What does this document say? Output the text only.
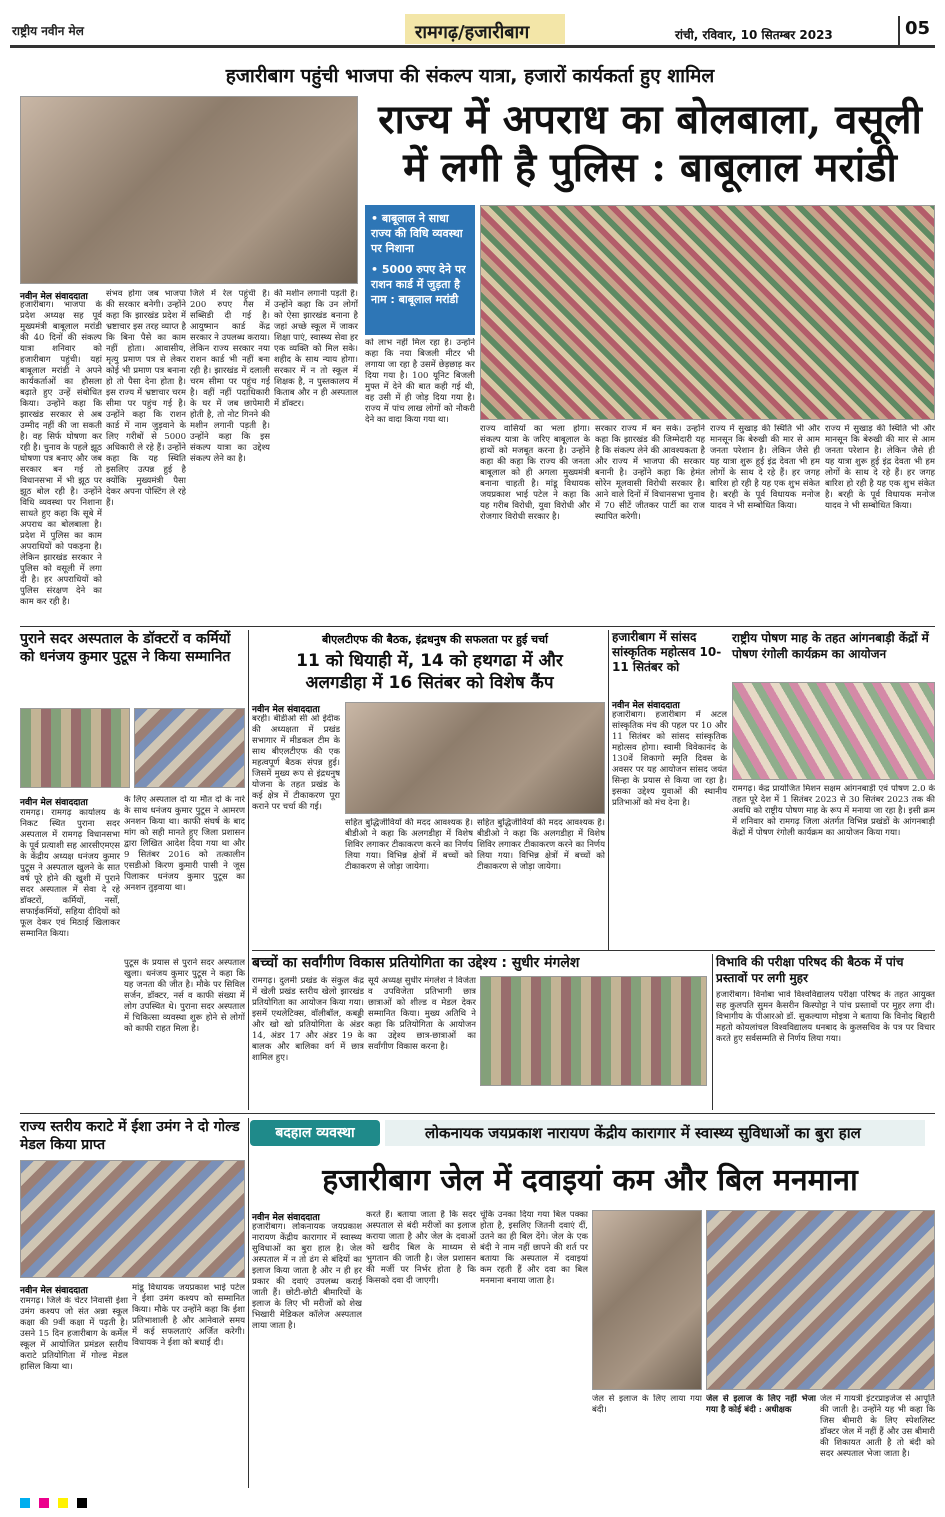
राष्ट्रीय नवीन मेल	रामगढ़/हजारीबाग	रांची, रविवार, 10 सितम्बर 2023	05
हजारीबाग पहुंची भाजपा की संकल्प यात्रा, हजारों कार्यकर्ता हुए शामिल
राज्य में अपराध का बोलबाला, वसूली
में लगी है पुलिस : बाबूलाल मरांडी
• बाबूलाल ने साधा राज्य की विधि व्यवस्था पर निशाना
• 5000 रुपए देने पर राशन कार्ड में जुड़ता है नाम : बाबूलाल मरांडी
नवीन मेल संवाददाता
हजारीबाग। भाजपा के प्रदेश अध्यक्ष सह पूर्व मुख्यमंत्री बाबूलाल मरांडी की 40 दिनों की संकल्प यात्रा शनिवार को हजारीबाग पहुंची। यहां बाबूलाल मरांडी ने अपने कार्यकर्ताओं का हौसला बढ़ाते हुए उन्हें संबोधित किया। उन्होंने कहा कि झारखंड सरकार से अब उम्मीद नहीं की जा सकती है। वह सिर्फ घोषणा कर रही है। चुनाव के पहले झूठ घोषणा पत्र बनाए और जब सरकार बन गई तो विधानसभा में भी झूठ पर झूठ बोल रही है। उन्होंने विधि व्यवस्था पर निशाना साधते हुए कहा कि सूबे में अपराध का बोलबाला है। प्रदेश में पुलिस का काम अपराधियों को पकड़ना है। लेकिन झारखंड सरकार ने पुलिस को वसूली में लगा दी है। हर अपराधियों को पुलिस संरक्षण देने का काम कर रही है।
संभव होगा जब भाजपा की सरकार बनेगी। उन्होंने कहा कि झारखंड प्रदेश में भ्रष्टाचार इस तरह व्याप्त है कि बिना पैसे का काम नहीं होता। आवासीय, मृत्यु प्रमाण पत्र से लेकर कोई भी प्रमाण पत्र बनाना हो तो पैसा देना होता है। इस राज्य में भ्रष्टाचार चरम सीमा पर पहुंच गई है। उन्होंने कहा कि राशन कार्ड में नाम जुड़वाने के लिए गरीबों से 5000 अधिकारी ले रहे हैं। उन्होंने कहा कि यह स्थिति इसलिए उत्पन्न हुई है क्योंकि मुख्यमंत्री पैसा देकर अपना पोस्टिंग ले रहे हैं।
जिले में रेल पहुंची है। 200 रुपए गैस में सब्सिडी दी गई है। आयुष्मान कार्ड केंद्र सरकार ने उपलब्ध कराया। लेकिन राज्य सरकार नया राशन कार्ड भी नहीं बना रही है। झारखंड में दलाली चरम सीमा पर पहुंच गई है। वहीं नहीं पदाधिकारी के घर में जब छापेमारी होती है, तो नोट गिनने की मशीन लगानी पड़ती है। उन्होंने कहा कि इस संकल्प यात्रा का उद्देश्य संकल्प लेने का है।
की मशीन लगानी पड़ती है। उन्होंने कहा कि उन लोगों को ऐसा झारखंड बनाना है जहां अच्छे स्कूल में जाकर शिक्षा पाएं, स्वास्थ्य सेवा हर एक व्यक्ति को मिल सके। शहीद के साथ न्याय होगा। सरकार में न तो स्कूल में शिक्षक है, न पुस्तकालय में किताब और न ही अस्पताल में डॉक्टर।
को लाभ नहीं मिल रहा है। उन्होंने कहा कि नया बिजली मीटर भी लगाया जा रहा है उसमें छेड़छाड़ कर दिया गया है। 100 यूनिट बिजली मुफ्त में देने की बात कही गई थी, वह उसी में ही जोड़ दिया गया है। राज्य में पांच लाख लोगों को नौकरी देने का वादा किया गया था।
राज्य वासियों का भला होगा। संकल्प यात्रा के जरिए बाबूलाल के हाथों को मजबूत करना है। उन्होंने कहा की कहा कि राज्य की जनता बाबूलाल को ही अगला मुख्यमंत्री बनाना चाहती है। मांडू विधायक जयप्रकाश भाई पटेल ने कहा कि यह गरीब विरोधी, युवा विरोधी और रोजगार विरोधी सरकार है।
सरकार राज्य में बन सके। उन्होंने कहा कि झारखंड की जिम्मेदारी यह है कि संकल्प लेने की आवश्यकता है और राज्य में भाजपा की सरकार बनानी है। उन्होंने कहा कि हेमंत सोरेन मूलवासी विरोधी सरकार है। आने वाले दिनों में विधानसभा चुनाव में 70 सीटें जीतकर पार्टी का राज स्थापित करेगी।
राज्य में सुखाड़ की स्थिति भी और मानसून कि बेरुखी की मार से आम जनता परेशान है। लेकिन जैसे ही यह यात्रा शुरू हुई इंद्र देवता भी हम लोगों के साथ दे रहे हैं। हर जगह बारिश हो रही है यह एक शुभ संकेत है। बरही के पूर्व विधायक मनोज यादव ने भी सम्बोधित किया।
राज्य में सुखाड़ की स्थिति भी और मानसून कि बेरुखी की मार से आम जनता परेशान है। लेकिन जैसे ही यह यात्रा शुरू हुई इंद्र देवता भी हम लोगों के साथ दे रहे हैं। हर जगह बारिश हो रही है यह एक शुभ संकेत है। बरही के पूर्व विधायक मनोज यादव ने भी सम्बोधित किया।
पुराने सदर अस्पताल के डॉक्टरों व कर्मियों को धनंजय कुमार पुटूस ने किया सम्मानित
नवीन मेल संवाददाता
रामगढ़। रामगढ़ कार्यालय के निकट स्थित पुराना सदर अस्पताल में रामगढ़ विधानसभा के पूर्व प्रत्याशी सह आरसीएमएस के केंद्रीय अध्यक्ष धनंजय कुमार पुटूस ने अस्पताल खुलने के सात वर्ष पूरे होने की खुशी में पुराने सदर अस्पताल में सेवा दे रहे डॉक्टरों, कर्मियों, नर्सों, सफाईकर्मियों, सहिया दीदियों को फूल देकर एवं मिठाई खिलाकर सम्मानित किया।
के लिए अस्पताल दो या मौत दो के नारे के साथ धनंजय कुमार पुटूस ने आमरण अनशन किया था। काफी संघर्ष के बाद मांग को सही मानते हुए जिला प्रशासन द्वारा लिखित आदेश दिया गया था और 9 सितंबर 2016 को तत्कालीन एसडीओ किरण कुमारी पासी ने जूस पिलाकर धनंजय कुमार पुटूस का अनशन तुड़वाया था।
पुटूस के प्रयास से पुराने सदर अस्पताल खुला। धनंजय कुमार पुटूस ने कहा कि यह जनता की जीत है। मौके पर सिविल सर्जन, डॉक्टर, नर्स व काफी संख्या में लोग उपस्थित थे। पुराना सदर अस्पताल में चिकित्सा व्यवस्था शुरू होने से लोगों को काफी राहत मिला है।
बीएलटीएफ की बैठक, इंद्रधनुष की सफलता पर हुई चर्चा
11 को धियाही में, 14 को हथगढा में और
अलगडीहा में 16 सितंबर को विशेष कैंप
नवीन मेल संवाददाता
बरही। बीडीओ सी ओ ईदीक की अध्यक्षता में प्रखंड सभागार में मीडकल टीम के साथ बीएलटीएफ की एक महत्वपूर्ण बैठक संपन्न हुई। जिसमें मुख्य रूप से इंद्रधनुष योजना के तहत प्रखंड के कई क्षेत्र में टीकाकरण पूरा कराने पर चर्चा की गई।
सहित बुद्धिजीवियों की मदद आवश्यक है। बीडीओ ने कहा कि अलगडीहा में विशेष शिविर लगाकर टीकाकरण करने का निर्णय लिया गया। विभिन्न क्षेत्रों में बच्चों को टीकाकरण से जोड़ा जायेगा।
सहित बुद्धिजीवियों की मदद आवश्यक है। बीडीओ ने कहा कि अलगडीहा में विशेष शिविर लगाकर टीकाकरण करने का निर्णय लिया गया। विभिन्न क्षेत्रों में बच्चों को टीकाकरण से जोड़ा जायेगा।
हजारीबाग में सांसद सांस्कृतिक महोत्सव 10-11 सितंबर को
नवीन मेल संवाददाता
हजारीबाग। हजारीबाग में अटल सांस्कृतिक मंच की पहल पर 10 और 11 सितंबर को सांसद सांस्कृतिक महोत्सव होगा। स्वामी विवेकानंद के 130वें शिकागो स्मृति दिवस के अवसर पर यह आयोजन सांसद जयंत सिन्हा के प्रयास से किया जा रहा है। इसका उद्देश्य युवाओं की स्थानीय प्रतिभाओं को मंच देना है।
राष्ट्रीय पोषण माह के तहत आंगनबाड़ी केंद्रों में पोषण रंगोली कार्यक्रम का आयोजन
रामगढ़। केंद्र प्रायोजित मिशन सक्षम आंगनबाड़ी एवं पोषण 2.0 के तहत पूरे देश में 1 सितंबर 2023 से 30 सितंबर 2023 तक की अवधि को राष्ट्रीय पोषण माह के रूप में मनाया जा रहा है। इसी क्रम में शनिवार को रामगढ़ जिला अंतर्गत विभिन्न प्रखंडों के आंगनबाड़ी केंद्रों में पोषण रंगोली कार्यक्रम का आयोजन किया गया।
बच्चों का सर्वांगीण विकास प्रतियोगिता का उद्देश्य : सुधीर मंगलेश
रामगढ़। दुलमी प्रखंड के संकुल केंद्र में खेली प्रखंड स्तरीय खेलो झारखंड प्रतियोगिता का आयोजन किया गया। इसमें एथलेटिक्स, वॉलीबॉल, कबड्डी और खो खो प्रतियोगिता के अंडर 14, अंडर 17 और अंडर 19 के बालक और बालिका वर्ग में छात्र शामिल हुए।
सूर्य अध्यक्ष सुधीर मंगलेश ने विजेता व उपविजेता प्रतिभागी छात्र छात्राओं को शील्ड व मेडल देकर सम्मानित किया। मुख्य अतिथि ने कहा कि प्रतियोगिता के आयोजन का उद्देश्य छात्र-छात्राओं का सर्वांगीण विकास करना है।
विभावि की परीक्षा परिषद की बैठक में पांच प्रस्तावों पर लगी मुहर
हजारीबाग। विनोबा भावे विश्वविद्यालय परीक्षा परिषद के तहत आयुक्त सह कुलपति सुमन कैसरीन किस्पोट्टा ने पांच प्रस्तावों पर मुहर लगा दी। विभागीय के पीआरओ डॉ. सुकल्याण मोइत्रा ने बताया कि विनोद बिहारी महतो कोयलांचल विश्वविद्यालय धनबाद के कुलसचिव के पत्र पर विचार करते हुए सर्वसम्मति से निर्णय लिया गया।
राज्य स्तरीय कराटे में ईशा उमंग ने दो गोल्ड मेडल किया प्राप्त
नवीन मेल संवाददाता
रामगढ़। जिले के चेटर निवासी ईशा उमंग कश्यप जो संत अन्ना स्कूल कक्षा की 9वीं कक्षा में पढ़ती है। उसने 15 दिन हजारीबाग के कर्मेल स्कूल में आयोजित प्रमंडल स्तरीय कराटे प्रतियोगिता में गोल्ड मेडल हासिल किया था।
मांडू विधायक जयप्रकाश भाई पटेल ने ईशा उमंग कश्यप को सम्मानित किया। मौके पर उन्होंने कहा कि ईशा प्रतिभाशाली है और आनेवाले समय में कई सफलताएं अर्जित करेगी। विधायक ने ईशा को बधाई दी।
बदहाल व्यवस्था	लोकनायक जयप्रकाश नारायण केंद्रीय कारागार में स्वास्थ्य सुविधाओं का बुरा हाल
हजारीबाग जेल में दवाइयां कम और बिल मनमाना
नवीन मेल संवाददाता
हजारीबाग। लोकनायक जयप्रकाश नारायण केंद्रीय कारागार में स्वास्थ्य सुविधाओं का बुरा हाल है। जेल अस्पताल में न तो ढंग से बंदियों का इलाज किया जाता है और न ही हर प्रकार की दवाएं उपलब्ध कराई जाती हैं। छोटी-छोटी बीमारियों के इलाज के लिए भी मरीजों को शेख भिखारी मेडिकल कॉलेज अस्पताल लाया जाता है।
करते हैं। बताया जाता है कि सदर अस्पताल से बंदी मरीजों का इलाज कराया जाता है और जेल के दवाओं को खरीद बिल के माध्यम से भुगतान की जाती है। जेल प्रशासन की मर्जी पर निर्भर होता है कि किसको दवा दी जाएगी।
चूंकि उनका दिया गया बिल पक्का होता है, इसलिए जितनी दवाएं दीं, उतने का ही बिल देंगे। जेल के एक बंदी ने नाम नहीं छापने की शर्त पर बताया कि अस्पताल में दवाइयां कम रहती हैं और दवा का बिल मनमाना बनाया जाता है।
जेल से इलाज के लिए लाया गया बंदी।
जेल से इलाज के लिए नहीं भेजा गया है कोई बंदी : अधीक्षक
जेल में गायत्री इंटरप्राइजेज से आपूर्ति की जाती है। उन्होंने यह भी कहा कि जिस बीमारी के लिए स्पेशलिस्ट डॉक्टर जेल में नहीं हैं और उस बीमारी की शिकायत आती है तो बंदी को सदर अस्पताल भेजा जाता है।
